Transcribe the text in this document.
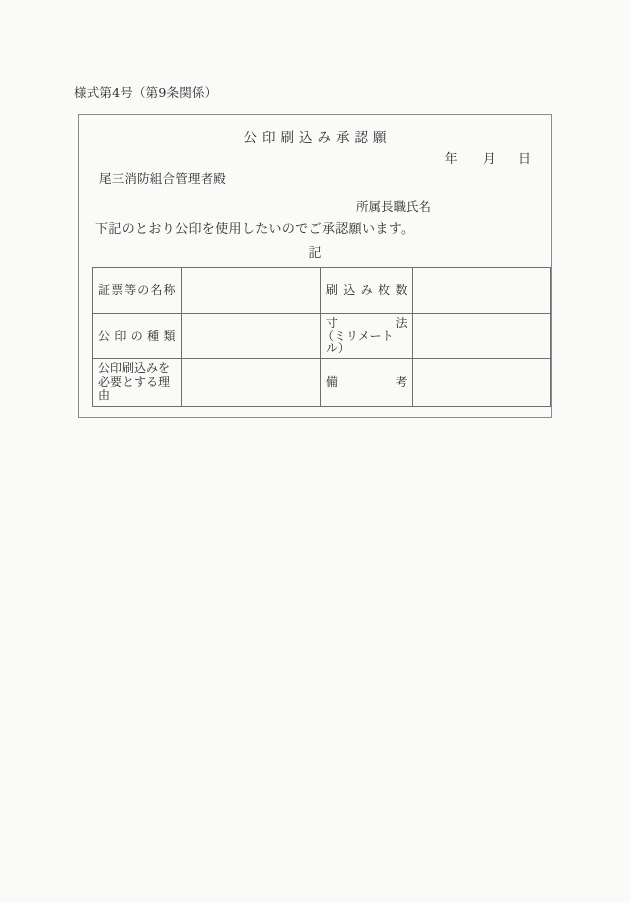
様式第4号（第9条関係）
公印刷込み承認願
年 月 日
尾三消防組合管理者殿
所属長職氏名
下記のとおり公印を使用したいのでご承認願います。
記
証票等の名称		刷込み枚数	

公印の種類		寸法
（ミリメート
ル）	

公印刷込みを必要とする理由		備考	
